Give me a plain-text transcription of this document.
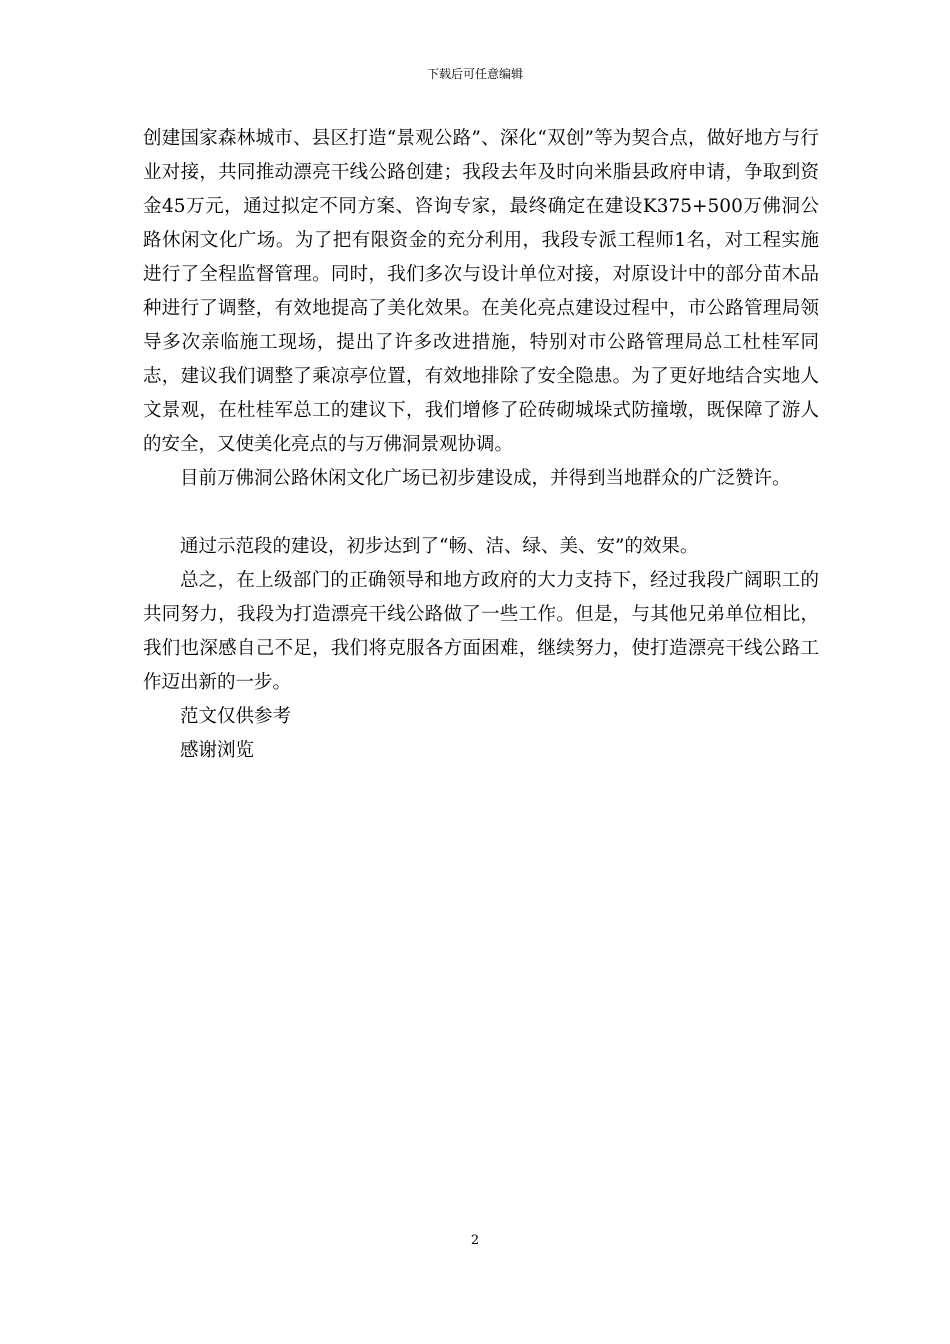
下载后可任意编辑

创建国家森林城市、县区打造“景观公路”、深化“双创”等为契合点，做好地方与行业对接，共同推动漂亮干线公路创建；我段去年及时向米脂县政府申请，争取到资金45万元，通过拟定不同方案、咨询专家，最终确定在建设K375+500万佛洞公路休闲文化广场。为了把有限资金的充分利用，我段专派工程师1名，对工程实施进行了全程监督管理。同时，我们多次与设计单位对接，对原设计中的部分苗木品种进行了调整，有效地提高了美化效果。在美化亮点建设过程中，市公路管理局领导多次亲临施工现场，提出了许多改进措施，特别对市公路管理局总工杜桂军同志，建议我们调整了乘凉亭位置，有效地排除了安全隐患。为了更好地结合实地人文景观，在杜桂军总工的建议下，我们增修了砼砖砌城垛式防撞墩，既保障了游人的安全，又使美化亮点的与万佛洞景观协调。

目前万佛洞公路休闲文化广场已初步建设成，并得到当地群众的广泛赞许。

通过示范段的建设，初步达到了“畅、洁、绿、美、安”的效果。

总之，在上级部门的正确领导和地方政府的大力支持下，经过我段广阔职工的共同努力，我段为打造漂亮干线公路做了一些工作。但是，与其他兄弟单位相比，我们也深感自己不足，我们将克服各方面困难，继续努力，使打造漂亮干线公路工作迈出新的一步。

范文仅供参考

感谢浏览

2
